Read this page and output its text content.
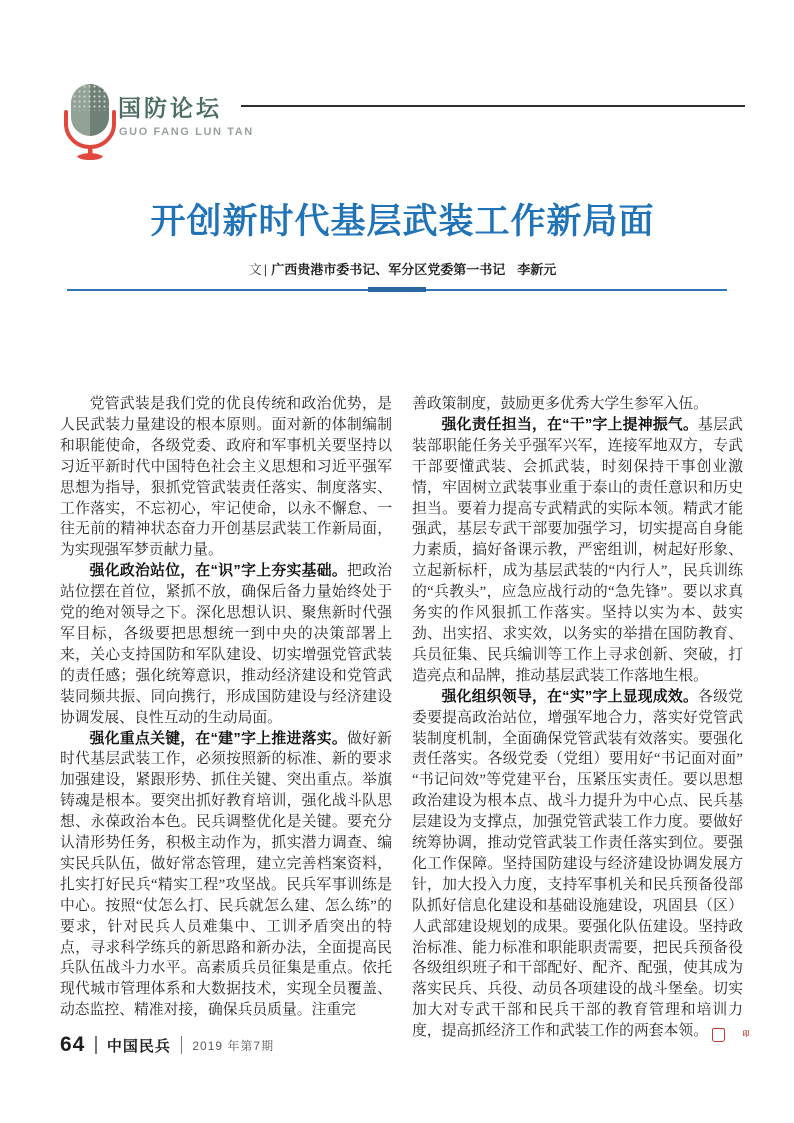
国防论坛
GUO FANG LUN TAN
开创新时代基层武装工作新局面
文 | 广西贵港市委书记、军分区党委第一书记 李新元

党管武装是我们党的优良传统和政治优势，是人民武装力量建设的根本原则。面对新的体制编制和职能使命，各级党委、政府和军事机关要坚持以习近平新时代中国特色社会主义思想和习近平强军思想为指导，狠抓党管武装责任落实、制度落实、工作落实，不忘初心，牢记使命，以永不懈怠、一往无前的精神状态奋力开创基层武装工作新局面，为实现强军梦贡献力量。

强化政治站位，在“识”字上夯实基础。把政治站位摆在首位，紧抓不放，确保后备力量始终处于党的绝对领导之下。深化思想认识、聚焦新时代强军目标，各级要把思想统一到中央的决策部署上来，关心支持国防和军队建设、切实增强党管武装的责任感；强化统筹意识，推动经济建设和党管武装同频共振、同向携行，形成国防建设与经济建设协调发展、良性互动的生动局面。

强化重点关键，在“建”字上推进落实。做好新时代基层武装工作，必须按照新的标准、新的要求加强建设，紧跟形势、抓住关键、突出重点。举旗铸魂是根本。要突出抓好教育培训，强化战斗队思想、永葆政治本色。民兵调整优化是关键。要充分认清形势任务，积极主动作为，抓实潜力调查、编实民兵队伍，做好常态管理，建立完善档案资料，扎实打好民兵“精实工程”攻坚战。民兵军事训练是中心。按照“仗怎么打、民兵就怎么建、怎么练”的要求，针对民兵人员难集中、工训矛盾突出的特点，寻求科学练兵的新思路和新办法，全面提高民兵队伍战斗力水平。高素质兵员征集是重点。依托现代城市管理体系和大数据技术，实现全员覆盖、动态监控、精准对接，确保兵员质量。注重完

善政策制度，鼓励更多优秀大学生参军入伍。

强化责任担当，在“干”字上提神振气。基层武装部职能任务关乎强军兴军，连接军地双方，专武干部要懂武装、会抓武装，时刻保持干事创业激情，牢固树立武装事业重于泰山的责任意识和历史担当。要着力提高专武精武的实际本领。精武才能强武，基层专武干部要加强学习，切实提高自身能力素质，搞好备课示教，严密组训，树起好形象、立起新标杆，成为基层武装的“内行人”，民兵训练的“兵教头”，应急应战行动的“急先锋”。要以求真务实的作风狠抓工作落实。坚持以实为本、鼓实劲、出实招、求实效，以务实的举措在国防教育、兵员征集、民兵编训等工作上寻求创新、突破，打造亮点和品牌，推动基层武装工作落地生根。

强化组织领导，在“实”字上显现成效。各级党委要提高政治站位，增强军地合力，落实好党管武装制度机制，全面确保党管武装有效落实。要强化责任落实。各级党委（党组）要用好“书记面对面”“书记问效”等党建平台，压紧压实责任。要以思想政治建设为根本点、战斗力提升为中心点、民兵基层建设为支撑点，加强党管武装工作力度。要做好统筹协调，推动党管武装工作责任落实到位。要强化工作保障。坚持国防建设与经济建设协调发展方针，加大投入力度，支持军事机关和民兵预备役部队抓好信息化建设和基础设施建设，巩固县（区）人武部建设规划的成果。要强化队伍建设。坚持政治标准、能力标准和职能职责需要，把民兵预备役各级组织班子和干部配好、配齐、配强，使其成为落实民兵、兵役、动员各项建设的战斗堡垒。切实加大对专武干部和民兵干部的教育管理和培训力度，提高抓经济工作和武装工作的两套本领。	印

64 中国民兵 2019 年第7期
